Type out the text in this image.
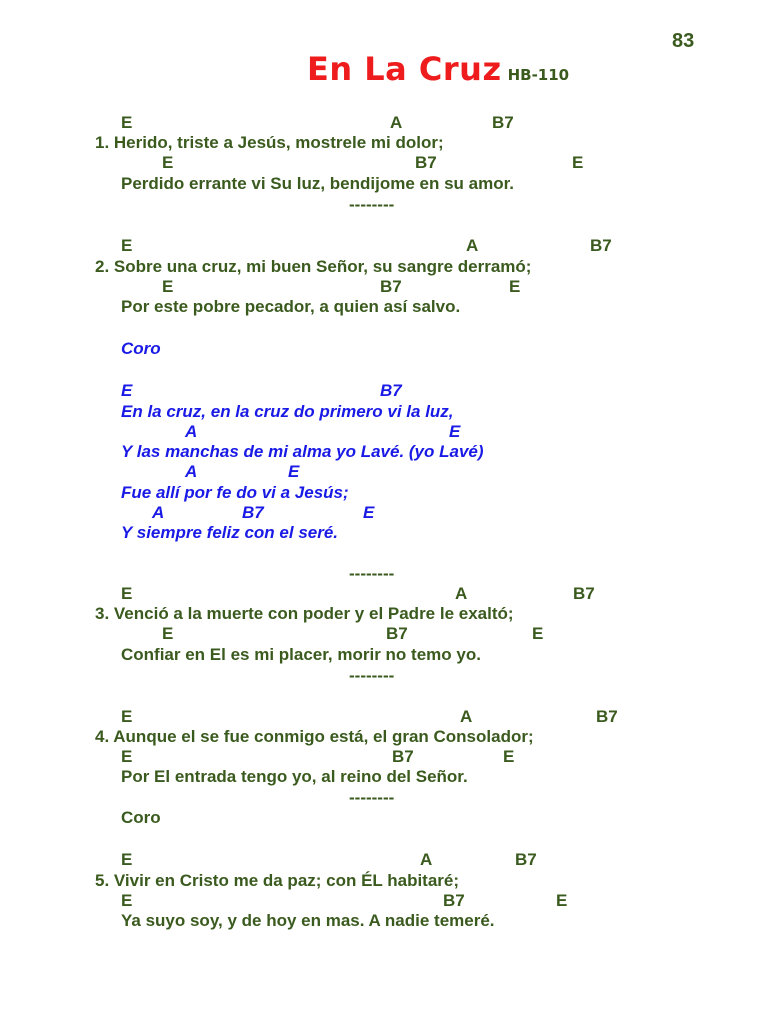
83
En La Cruz HB-110
E	A	B7
1. Herido, triste a Jesús, mostrele mi dolor;
E	B7	E
Perdido errante vi Su luz, bendijome en su amor.
--------
E	A	B7
2. Sobre una cruz, mi buen Señor, su sangre derramó;
E	B7	E
Por este pobre pecador, a quien así salvo.
Coro
E	B7
En la cruz, en la cruz do primero vi la luz,
A	E
Y las manchas de mi alma yo Lavé. (yo Lavé)
A	E
Fue allí por fe do vi a Jesús;
A	B7	E
Y siempre feliz con el seré.
--------
E	A	B7
3. Venció a la muerte con poder y el Padre le exaltó;
E	B7	E
Confiar en El es mi placer, morir no temo yo.
--------
E	A	B7
4. Aunque el se fue conmigo está, el gran Consolador;
E	B7	E
Por El entrada tengo yo, al reino del Señor.
--------
Coro
E	A	B7
5. Vivir en Cristo me da paz; con ÉL habitaré;
E	B7	E
Ya suyo soy, y de hoy en mas. A nadie temeré.
